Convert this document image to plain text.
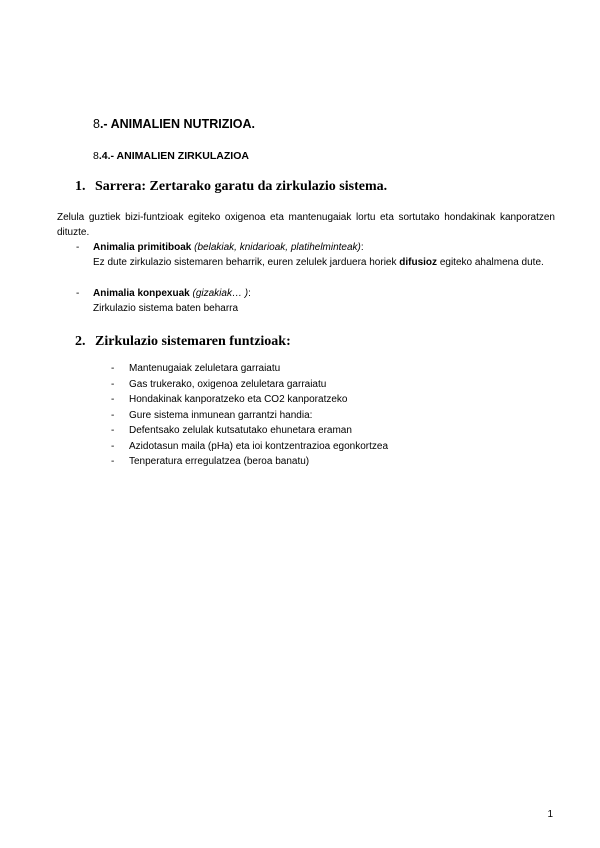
8.- ANIMALIEN NUTRIZIOA.
8.4.- ANIMALIEN ZIRKULAZIOA
1. Sarrera: Zertarako garatu da zirkulazio sistema.
Zelula guztiek bizi-funtzioak egiteko oxigenoa eta mantenugaiak lortu eta sortutako hondakinak kanporatzen dituzte.
- Animalia primitiboak (belakiak, knidarioak, platihelminteak):
Ez dute zirkulazio sistemaren beharrik, euren zelulek jarduera horiek difusioz egiteko ahalmena dute.
- Animalia konpexuak (gizakiak… ):
Zirkulazio sistema baten beharra
2. Zirkulazio sistemaren funtzioak:
- Mantenugaiak zeluletara garraiatu
- Gas trukerako, oxigenoa zeluletara garraiatu
- Hondakinak kanporatzeko eta CO2 kanporatzeko
- Gure sistema inmunean garrantzi handia:
- Defentsako zelulak kutsatutako ehunetara eraman
- Azidotasun maila (pHa) eta ioi kontzentrazioa egonkortzea
- Tenperatura erregulatzea (beroa banatu)
1
